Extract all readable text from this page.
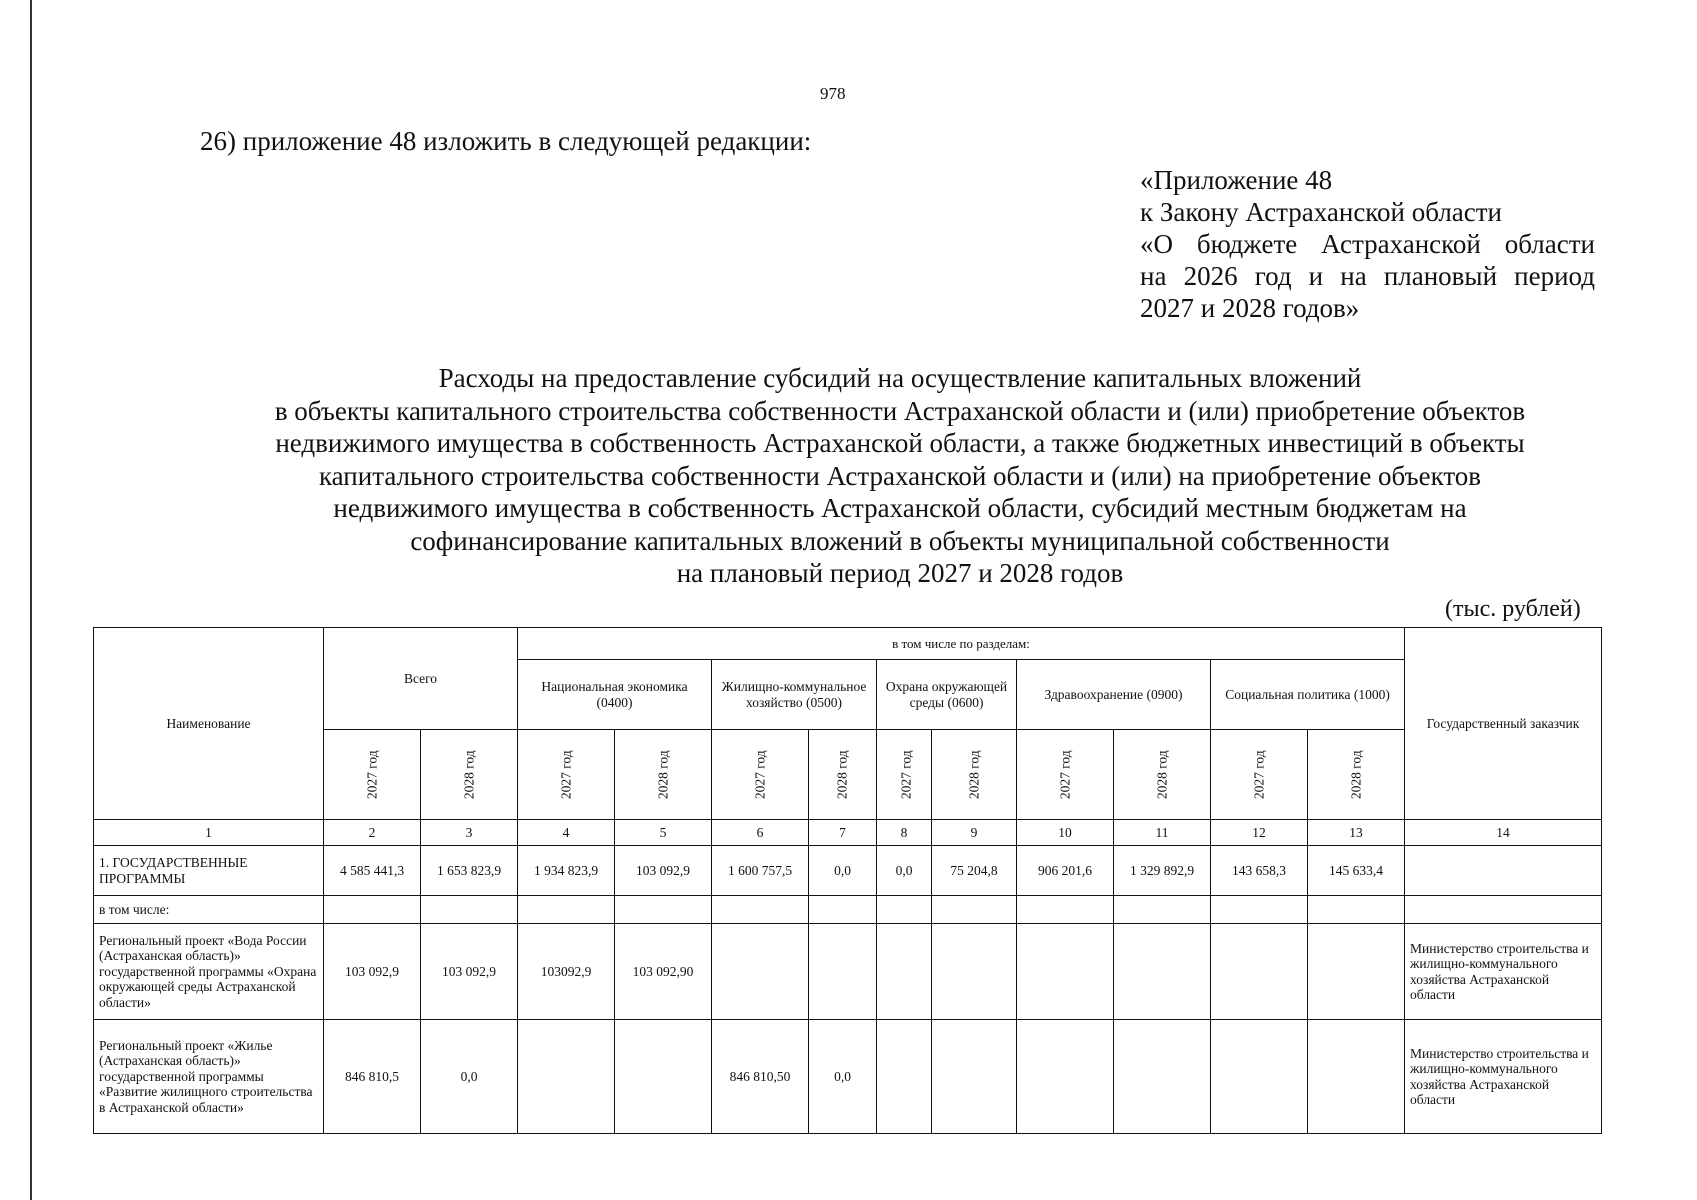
978
26) приложение 48 изложить в следующей редакции:
«Приложение 48
к Закону Астраханской области
«О бюджете Астраханской области
на 2026 год и на плановый период
2027 и 2028 годов»
Расходы на предоставление субсидий на осуществление капитальных вложений
в объекты капитального строительства собственности Астраханской области и (или) приобретение объектов
недвижимого имущества в собственность Астраханской области, а также бюджетных инвестиций в объекты
капитального строительства собственности Астраханской области и (или) на приобретение объектов
недвижимого имущества в собственность Астраханской области, субсидий местным бюджетам на
софинансирование капитальных вложений в объекты муниципальной собственности
на плановый период 2027 и 2028 годов
(тыс. рублей)
Наименование	Всего		в том числе по разделам:										Государственный заказчик
			Национальная экономика (0400)		Жилищно-коммунальное хозяйство (0500)		Охрана окружающей среды (0600)		Здравоохранение (0900)		Социальная политика (1000)		
	2027 год	2028 год	2027 год	2028 год	2027 год	2028 год	2027 год	2028 год	2027 год	2028 год	2027 год	2028 год	
1	2	3	4	5	6	7	8	9	10	11	12	13	14
1. ГОСУДАРСТВЕННЫЕ ПРОГРАММЫ	4 585 441,3	1 653 823,9	1 934 823,9	103 092,9	1 600 757,5	0,0	0,0	75 204,8	906 201,6	1 329 892,9	143 658,3	145 633,4	
в том числе:													
Региональный проект «Вода России (Астраханская область)» государственной программы «Охрана окружающей среды Астраханской области»	103 092,9	103 092,9	103092,9	103 092,90									Министерство строительства и жилищно-коммунального хозяйства Астраханской области
Региональный проект «Жилье (Астраханская область)» государственной программы «Развитие жилищного строительства в Астраханской области»	846 810,5	0,0			846 810,50	0,0							Министерство строительства и жилищно-коммунального хозяйства Астраханской области
